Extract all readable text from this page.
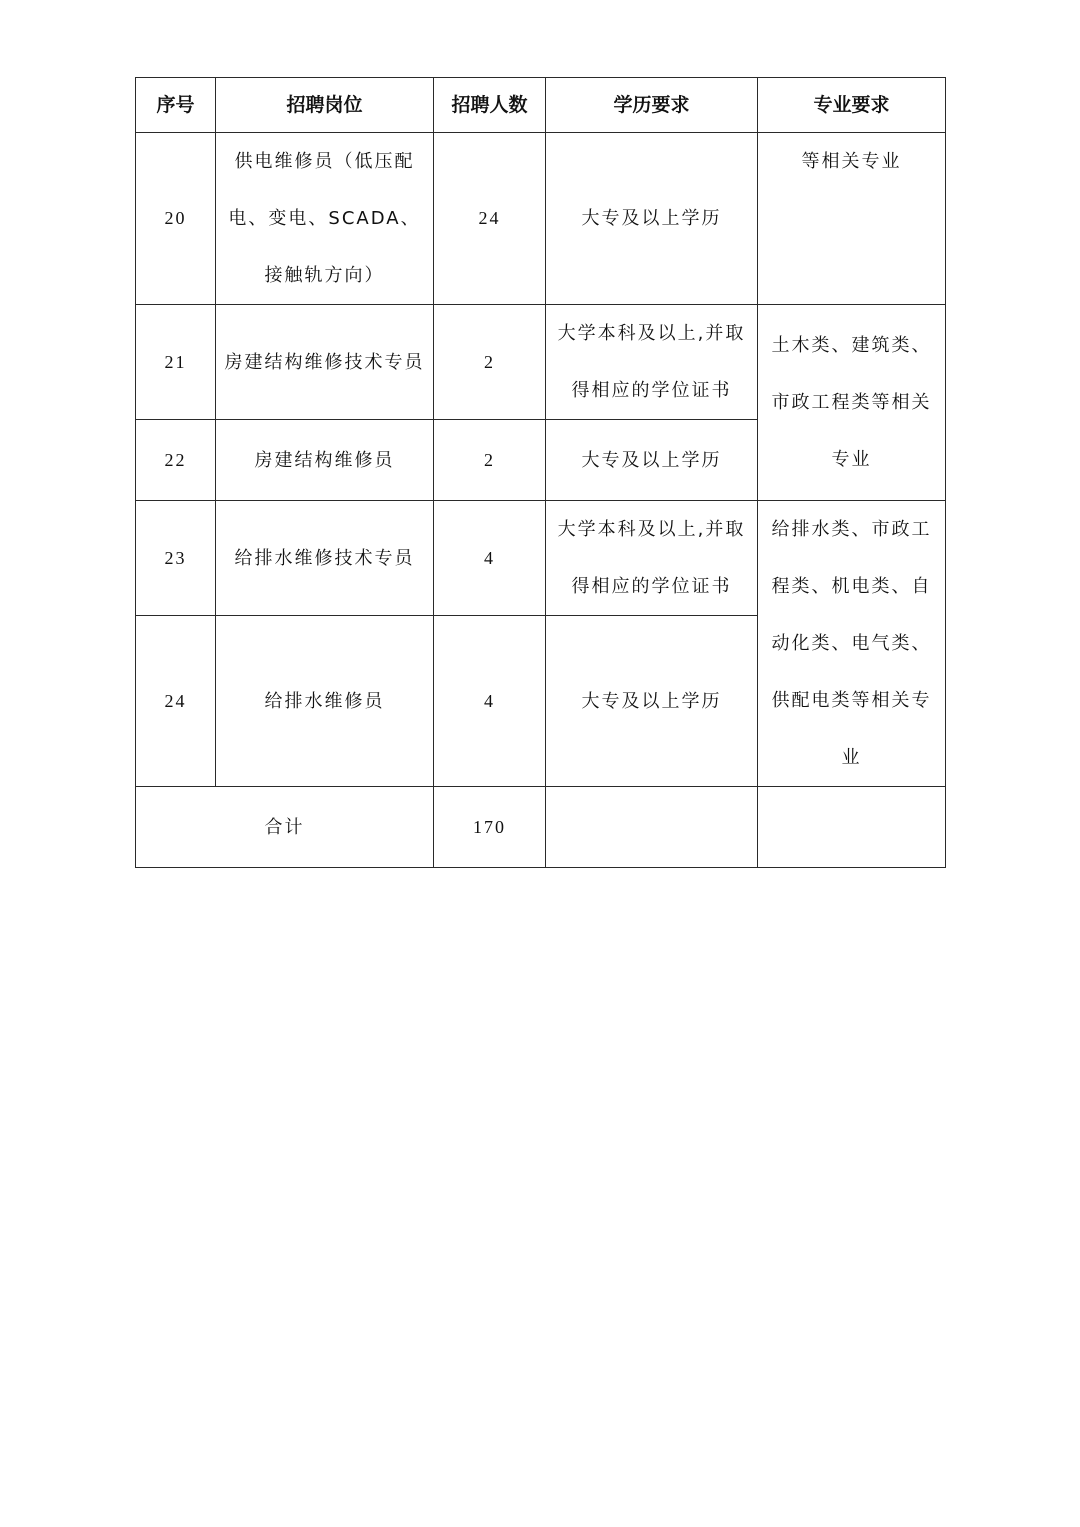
序号	招聘岗位	招聘人数	学历要求	专业要求
20	供电维修员（低压配电、变电、SCADA、接触轨方向）	24	大专及以上学历	等相关专业
21	房建结构维修技术专员	2	大学本科及以上,并取得相应的学位证书	土木类、建筑类、市政工程类等相关专业
22	房建结构维修员	2	大专及以上学历	
23	给排水维修技术专员	4	大学本科及以上,并取得相应的学位证书	给排水类、市政工程类、机电类、自动化类、电气类、供配电类等相关专业
24	给排水维修员	4	大专及以上学历	
合计		170		
